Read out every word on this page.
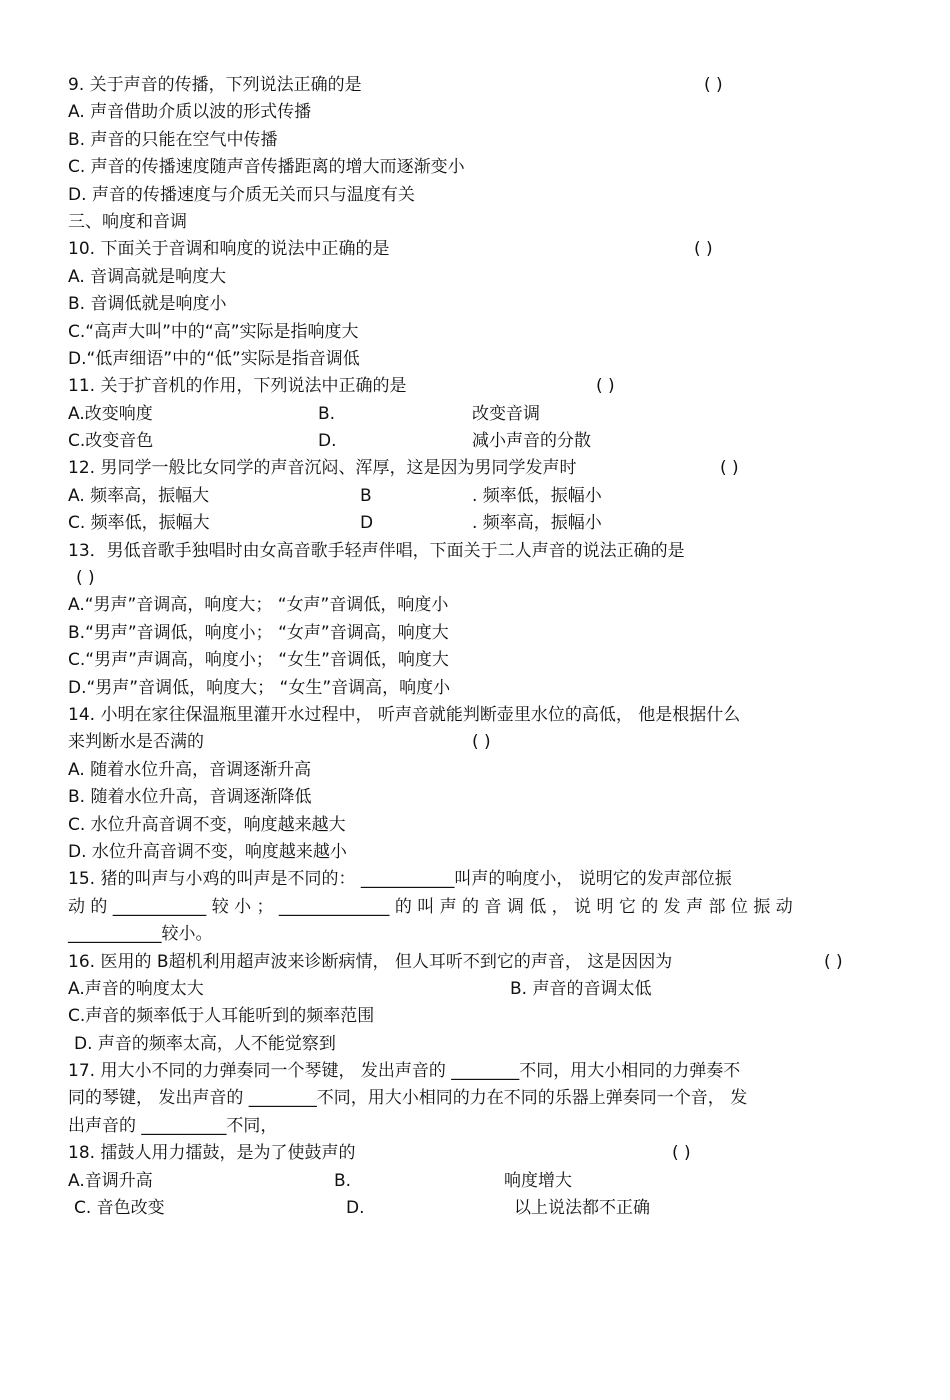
9. 关于声音的传播，下列说法正确的是	( )
A. 声音借助介质以波的形式传播
B. 声音的只能在空气中传播
C. 声音的传播速度随声音传播距离的增大而逐渐变小
D. 声音的传播速度与介质无关而只与温度有关
三、响度和音调
10. 下面关于音调和响度的说法中正确的是	( )
A. 音调高就是响度大
B. 音调低就是响度小
C.“高声大叫”中的“高”实际是指响度大
D.“低声细语”中的“低”实际是指音调低
11. 关于扩音机的作用，下列说法中正确的是	( )
A.改变响度	B.	改变音调
C.改变音色	D.	减小声音的分散
12. 男同学一般比女同学的声音沉闷、浑厚，这是因为男同学发声时	( )
A. 频率高，振幅大	B	. 频率低，振幅小
C. 频率低，振幅大	D	. 频率高，振幅小
13．男低音歌手独唱时由女高音歌手轻声伴唱，下面关于二人声音的说法正确的是
( )
A.“男声”音调高，响度大； “女声”音调低，响度小
B.“男声”音调低，响度小； “女声”音调高，响度大
C.“男声”声调高，响度小； “女生”音调低，响度大
D.“男声”音调低，响度大； “女生”音调高，响度小
14. 小明在家往保温瓶里灌开水过程中， 听声音就能判断壶里水位的高低， 他是根据什么
来判断水是否满的	( )
A. 随着水位升高，音调逐渐升高
B. 随着水位升高，音调逐渐降低
C. 水位升高音调不变，响度越来越大
D. 水位升高音调不变，响度越来越小
15. 猪的叫声与小鸡的叫声是不同的： ___________叫声的响度小， 说明它的发声部位振
动 的 ___________ 较 小 ； _____________ 的 叫 声 的 音 调 低 ， 说 明 它 的 发 声 部 位 振 动
___________较小。
16. 医用的 B超机利用超声波来诊断病情， 但人耳听不到它的声音， 这是因因为	( )
A.声音的响度太大	B. 声音的音调太低
C.声音的频率低于人耳能听到的频率范围
D. 声音的频率太高，人不能觉察到
17. 用大小不同的力弹奏同一个琴键， 发出声音的 ________不同，用大小相同的力弹奏不
同的琴键， 发出声音的 ________不同，用大小相同的力在不同的乐器上弹奏同一个音， 发
出声音的 __________不同，
18. 擂鼓人用力擂鼓，是为了使鼓声的	( )
A.音调升高	B.	响度增大
C. 音色改变	D.	以上说法都不正确
